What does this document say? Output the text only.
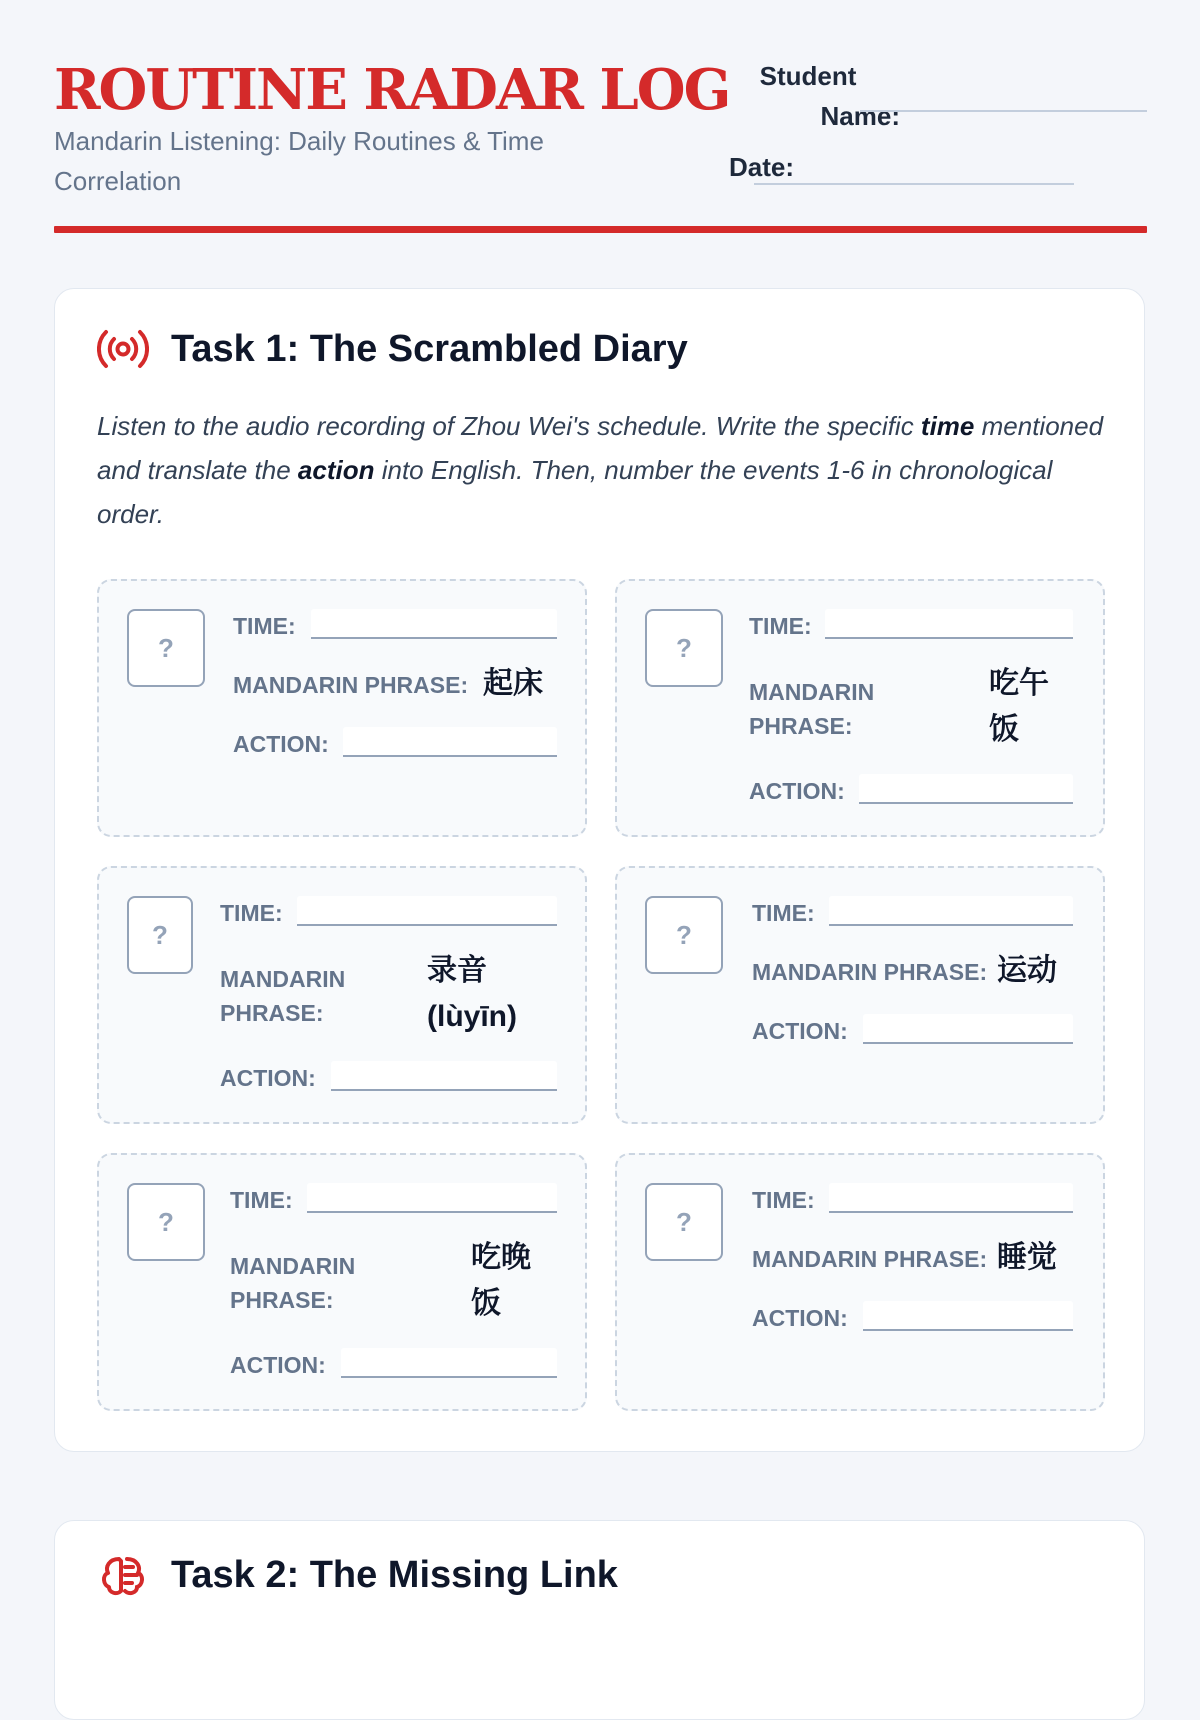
ROUTINE RADAR LOG
Mandarin Listening: Daily Routines & Time Correlation
Student
Name:
Date:
Task 1: The Scrambled Diary
Listen to the audio recording of Zhou Wei's schedule. Write the specific time mentioned and translate the action into English. Then, number the events 1-6 in chronological order.
?
TIME:
MANDARIN PHRASE: 起床
ACTION:
?
TIME:
MANDARIN
PHRASE:
吃午
饭
ACTION:
?
TIME:
MANDARIN
PHRASE:
录音
(lùyīn)
ACTION:
?
TIME:
MANDARIN PHRASE: 运动
ACTION:
?
TIME:
MANDARIN
PHRASE:
吃晚
饭
ACTION:
?
TIME:
MANDARIN PHRASE: 睡觉
ACTION:
Task 2: The Missing Link
